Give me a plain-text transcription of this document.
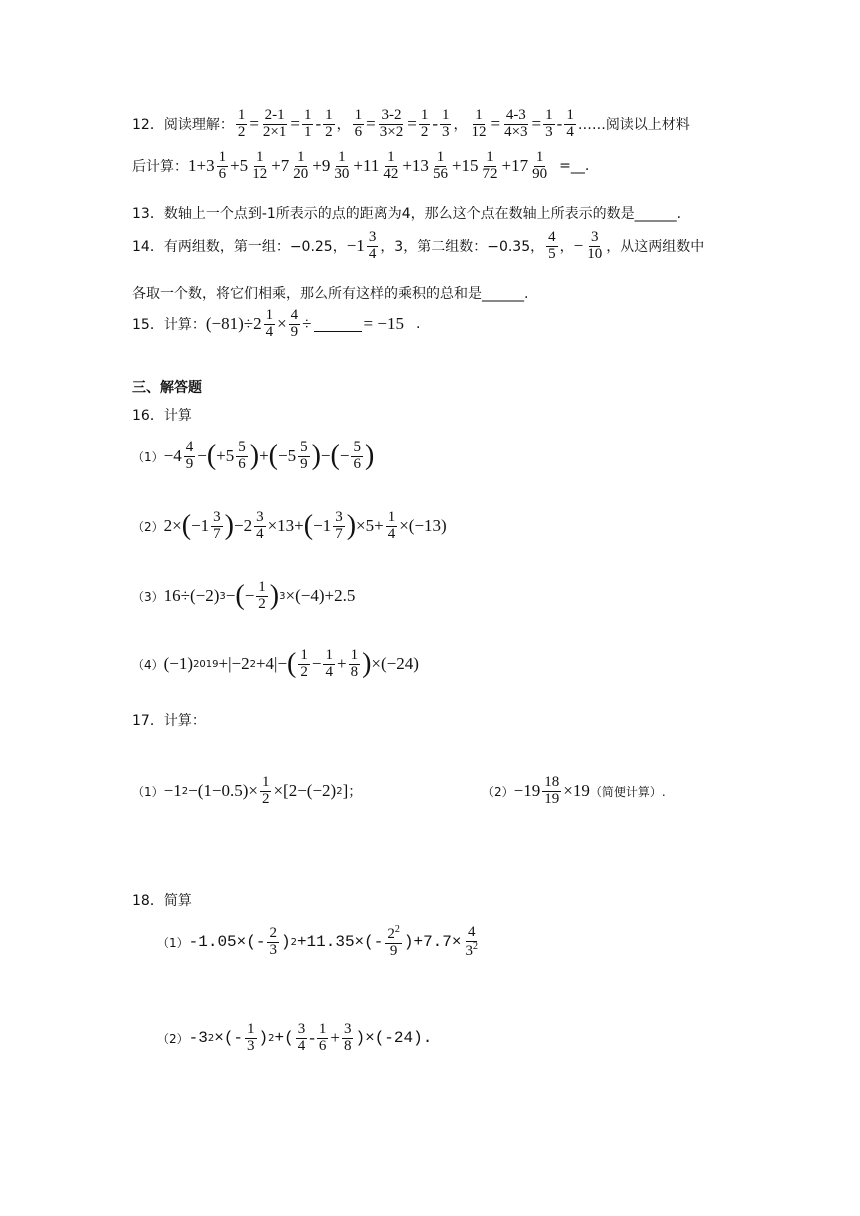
12．阅读理解： $\frac{1}{2} = \frac{2-1}{2\times 1} = \frac{1}{1} - \frac{1}{2}$ ， $\frac{1}{6} = \frac{3-2}{3\times 2} = \frac{1}{2} - \frac{1}{3}$ ， $\frac{1}{12} = \frac{4-3}{4\times 3} = \frac{1}{3} - \frac{1}{4}$ ……阅读以上材料
后计算： $1+3 \frac{1}{6} +5 \frac{1}{12} +7 \frac{1}{20} +9 \frac{1}{30} +11 \frac{1}{42} +13 \frac{1}{56} +15 \frac{1}{72} +17 \frac{1}{90}$ =__.
13．数轴上一个点到-1所表示的点的距离为4，那么这个点在数轴上所表示的数是______.
14．有两组数，第一组：−0.25， $-1 \frac{3}{4}$ ，3，第二组数：−0.35， $\frac{4}{5}$ ， − $\frac{3}{10}$ ，从这两组数中
各取一个数，将它们相乘，那么所有这样的乘积的总和是______.
15．计算： $(-81)\div 2 \frac{1}{4} \times \frac{4}{9}$ ÷	= −15 .
三、解答题
16．计算
$(1) -4 \frac{4}{9}$ − ( $+5 \frac{5}{6}$ ) + ( $-5 \frac{5}{9}$ ) − ( − $\frac{5}{6}$ )
（2） 2× ( $-1 \frac{3}{7}$ ) $-2 \frac{3}{4} \times 13+$ ( $-1 \frac{3}{7}$ ) $\times 5+ \frac{1}{4} \times(-13)$
（3） 16÷(−2) 3 − ( − $\frac{1}{2}$ ) 3 ×(−4)+2.5
（4） (−1) 2019 +|−2 2 +4|− ( $\frac{1}{2} - \frac{1}{4} + \frac{1}{8}$ ) ×(−24)
17．计算：
（1） −1 $2 -(1-0.5)\times \frac{1}{2} \times[2-(-2)$ 2 ] ；	$(2) -19 \frac{18}{19} \times 19$ （简便计算）.
18．简算
（1） $-1.05\times(- \frac{2}{3}$ ) $2 +11.35\times(- \frac{2^2}{9} )+7.7\times \frac{4}{3^2}$
（2） -3 2 ×(- $\frac{1}{3}$ ) 2 +( $\frac{3}{4} - \frac{1}{6} + \frac{3}{8} )\times(-24)$.
